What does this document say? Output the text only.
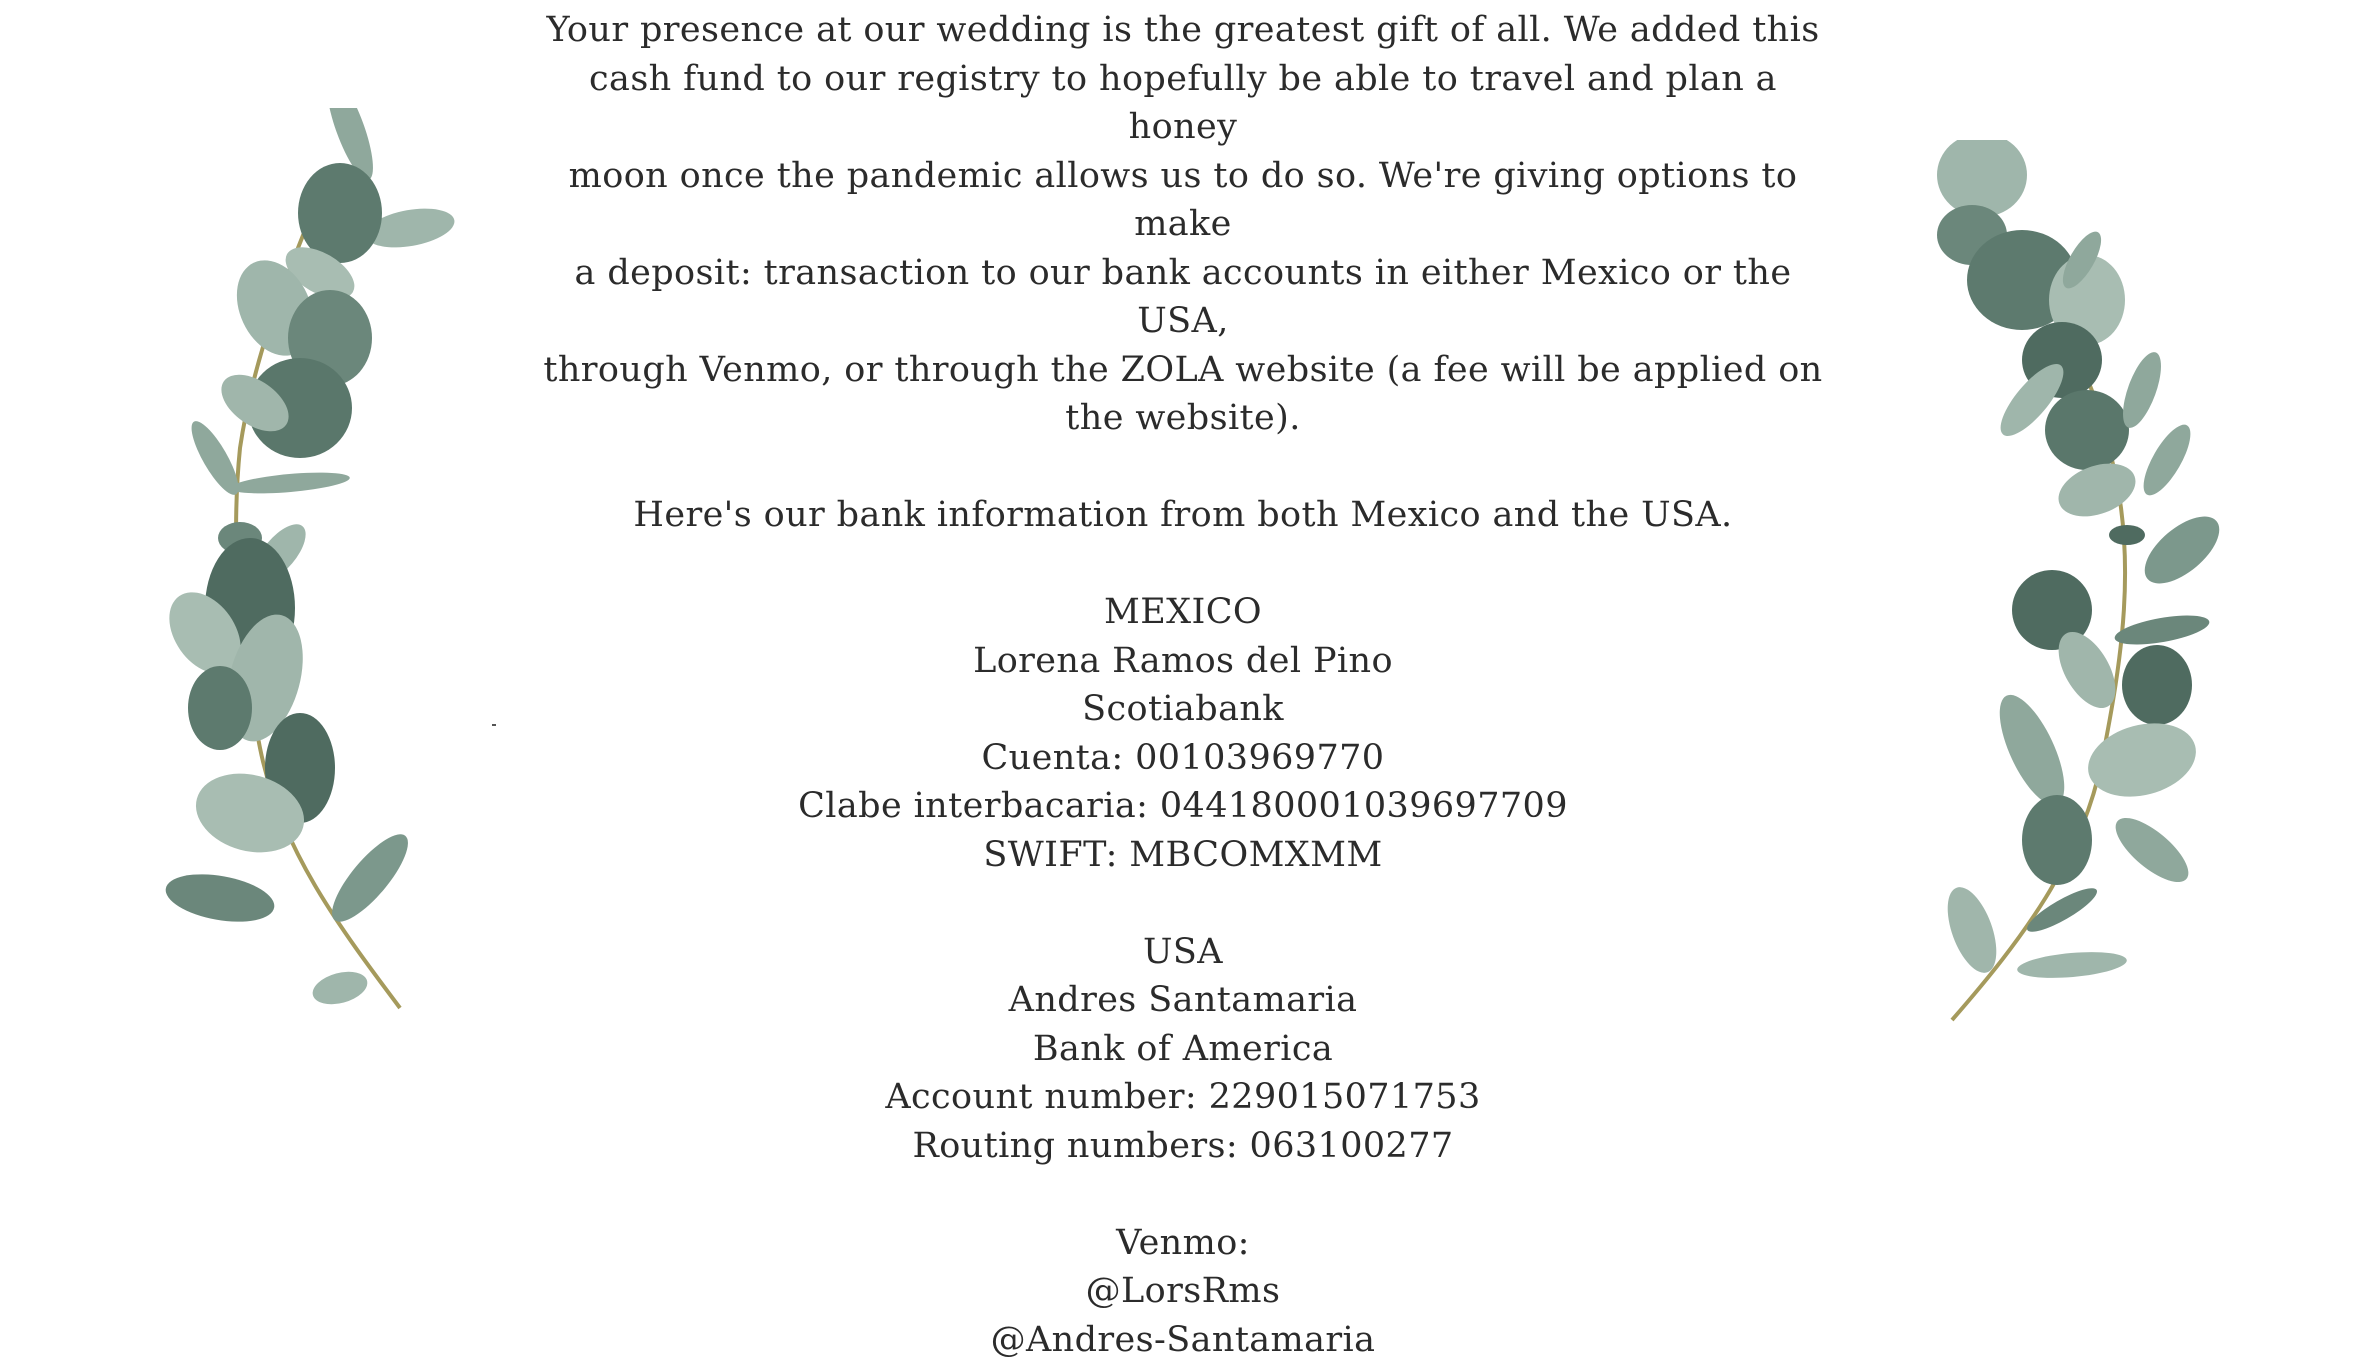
Your presence at our wedding is the greatest gift of all. We added this

cash fund to our registry to hopefully be able to travel and plan a honey

moon once the pandemic allows us to do so. We're giving options to make

a deposit: transaction to our bank accounts in either Mexico or the USA,

through Venmo, or through the ZOLA website (a fee will be applied on

the website).

Here's our bank information from both Mexico and the USA.

MEXICO

Lorena Ramos del Pino

Scotiabank

Cuenta: 00103969770

Clabe interbacaria: 044180001039697709

SWIFT: MBCOMXMM

USA

Andres Santamaria

Bank of America

Account number: 229015071753

Routing numbers: 063100277

Venmo:

@LorsRms

@Andres-Santamaria
